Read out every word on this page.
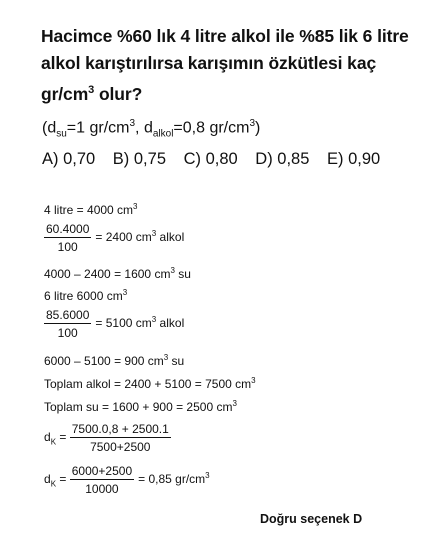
Hacimce %60 lık 4 litre alkol ile %85 lik 6 litre
alkol karıştırılırsa karışımın özkütlesi kaç
$gr/cm^3$ olur?
($d_{su}=1$ $gr/cm^3$, $d_{alkol}=0,8$ $gr/cm^3$)
A) 0,70 B) 0,75 C) 0,80 D) 0,85 E) 0,90
4 litre = 4000 $cm^3$
$\frac{60.4000}{100} = 2400$ $cm^3$ alkol
4000 – 2400 = 1600 $cm^3$ su
6 litre 6000 $cm^3$
$\frac{85.6000}{100} = 5100$ $cm^3$ alkol
6000 – 5100 = 900 $cm^3$ su
Toplam alkol = 2400 + 5100 = 7500 $cm^3$
Toplam su = 1600 + 900 = 2500 $cm^3$
$d_K = \frac{7500.0,8 + 2500.1}{7500+2500}$
$d_K = \frac{6000+2500}{10000} = 0,85$ $gr/cm^3$
Doğru seçenek D
